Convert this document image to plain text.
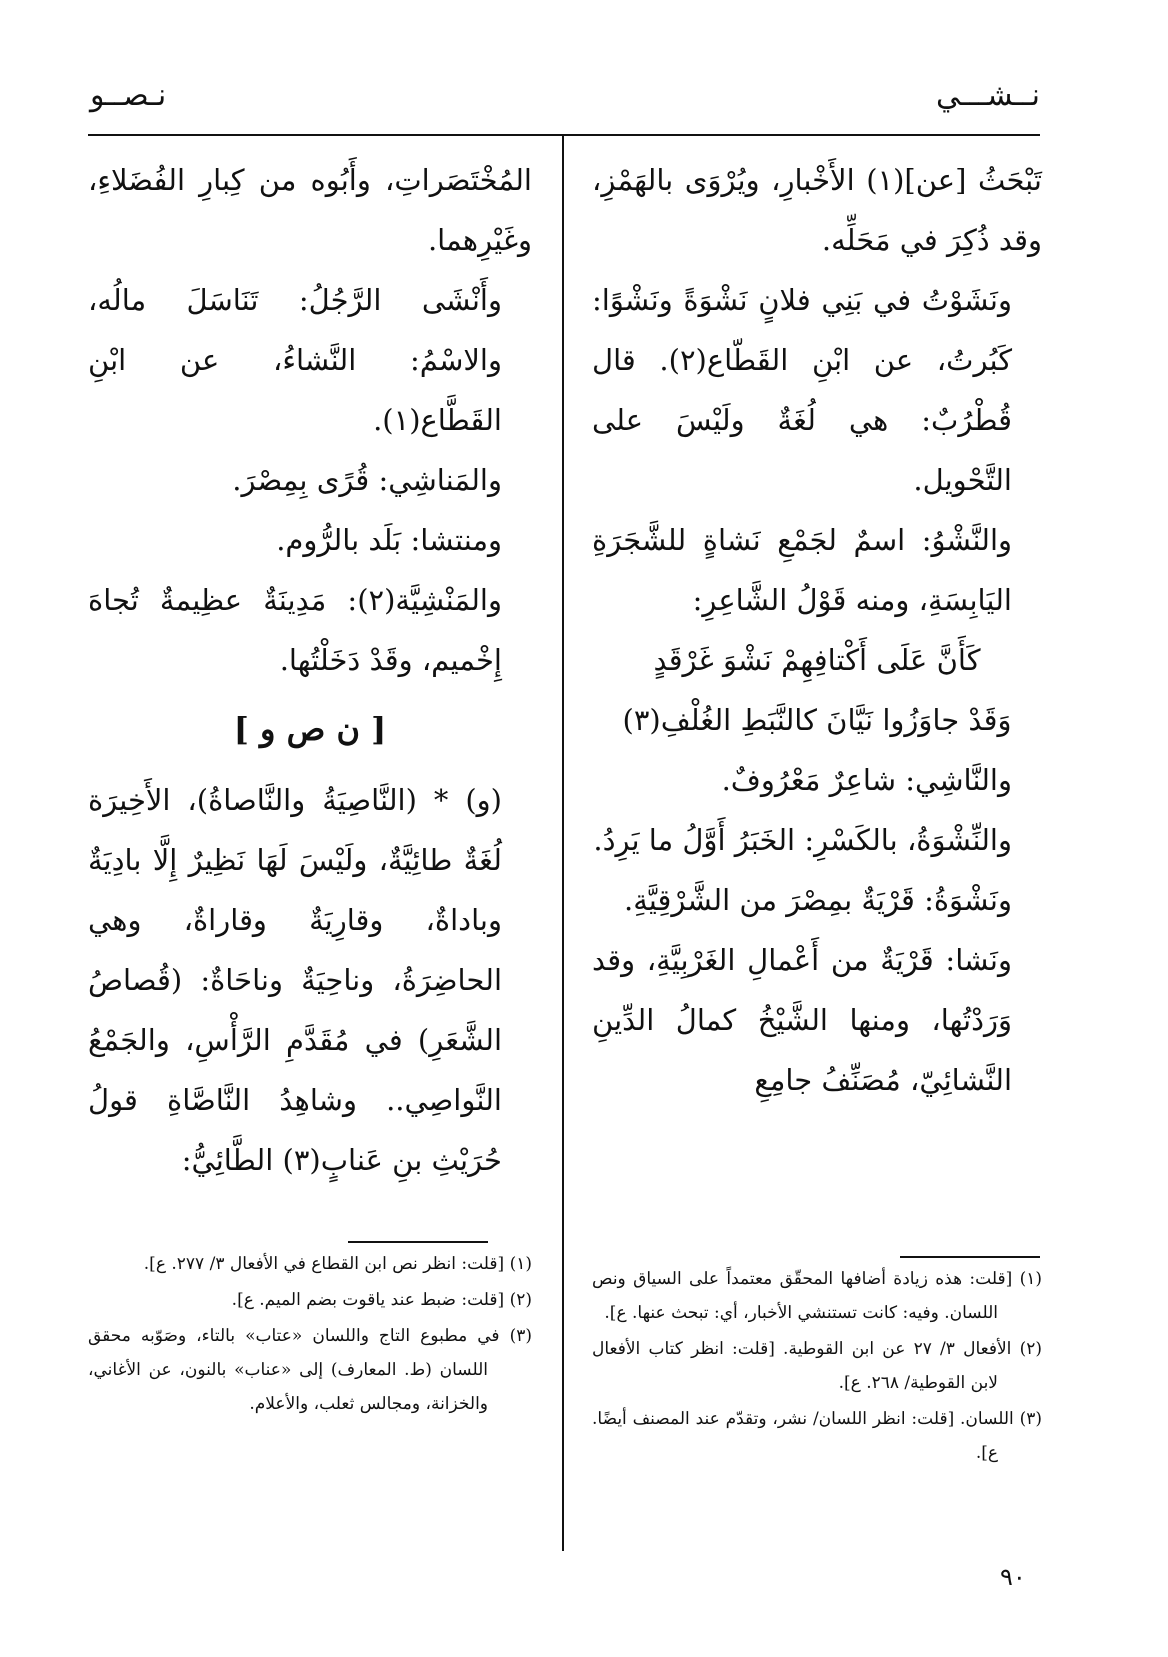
نــشـــي
نـصــو

تَبْحَثُ [عن](١) الأَخْبارِ، ويُرْوَى بالهَمْزِ، وقد ذُكِرَ في مَحَلِّه.

ونَشَوْتُ في بَنِي فلانٍ نَشْوَةً ونَشْوًا: كَبُرتُ، عن ابْنِ القَطّاع(٢). قال قُطْرُبٌ: هي لُغَةٌ ولَيْسَ على التَّحْويل.

والنَّشْوُ: اسمٌ لجَمْعِ نَشاةٍ للشَّجَرَةِ اليَابِسَةِ، ومنه قَوْلُ الشَّاعِرِ:

كَأَنَّ عَلَى أَكْتافِهِمْ نَشْوَ غَرْقَدٍ

وَقَدْ جاوَزُوا نَيَّانَ كالنَّبَطِ الغُلْفِ(٣)

والنَّاشِي: شاعِرٌ مَعْرُوفٌ.

والنِّشْوَةُ، بالكَسْرِ: الخَبَرُ أَوَّلُ ما يَرِدُ.

ونَشْوَةُ: قَرْيَةٌ بمِصْرَ من الشَّرْقِيَّةِ.

ونَشا: قَرْيَةٌ من أَعْمالِ الغَرْبِيَّةِ، وقد وَرَدْتُها، ومنها الشَّيْخُ كمالُ الدِّينِ النَّشائِيّ، مُصَنِّفُ جامِعِ

المُخْتَصَراتِ، وأَبُوه من كِبارِ الفُضَلاءِ، وغَيْرِهما.

وأَنْشَى الرَّجُلُ: تَنَاسَلَ مالُه، والاسْمُ: النَّشاءُ، عن ابْنِ القَطَّاع(١).

والمَناشِي: قُرًى بِمِصْرَ.

ومنتشا: بَلَد بالرُّوم.

والمَنْشِيَّة(٢): مَدِينَةٌ عظِيمةٌ تُجاهَ إِخْميم، وقَدْ دَخَلْتُها.

[ ن ص و ]

(و) * (النَّاصِيَةُ والنَّاصاةُ)، الأَخِيرَة لُغَةٌ طائِيَّةٌ، ولَيْسَ لَهَا نَظِيرٌ إِلَّا بادِيَةٌ وباداةٌ، وقارِيَةٌ وقاراةٌ، وهي الحاضِرَةُ، وناحِيَةٌ وناحَاةٌ: (قُصاصُ الشَّعَرِ) في مُقَدَّمِ الرَّأْسِ، والجَمْعُ النَّواصِي.. وشاهِدُ النَّاصَّاةِ قولُ حُرَيْثِ بنِ عَنابٍ(٣) الطَّائِيُّ:

(١) [قلت: هذه زيادة أضافها المحقّق معتمداً على السياق ونص اللسان. وفيه: كانت تستنشي الأخبار، أي: تبحث عنها. ع].

(٢) الأفعال ٣/ ٢٧ عن ابن القوطية. [قلت: انظر كتاب الأفعال لابن القوطية/ ٢٦٨. ع].

(٣) اللسان. [قلت: انظر اللسان/ نشر، وتقدّم عند المصنف أيضًا. ع].

(١) [قلت: انظر نص ابن القطاع في الأفعال ٣/ ٢٧٧. ع].

(٢) [قلت: ضبط عند ياقوت بضم الميم. ع].

(٣) في مطبوع التاج واللسان «عتاب» بالتاء، وصَوّبه محقق اللسان (ط. المعارف) إلى «عناب» بالنون، عن الأغاني، والخزانة، ومجالس ثعلب، والأعلام.

٩٠
